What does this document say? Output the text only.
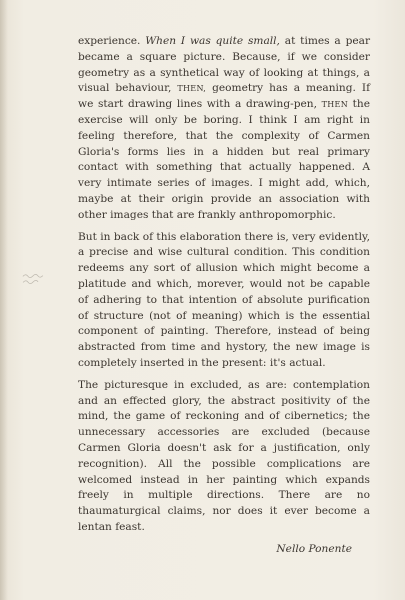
experience. When I was quite small, at times a pear became a square picture. Because, if we consider geometry as a synthetical way of looking at things, a visual behaviour, THEN, geometry has a meaning. If we start drawing lines with a drawing-pen, THEN the exercise will only be boring. I think I am right in feeling therefore, that the complexity of Carmen Gloria's forms lies in a hidden but real primary contact with something that actually happened. A very intimate series of images. I might add, which, maybe at their origin provide an association with other images that are frankly anthropomorphic.

But in back of this elaboration there is, very evidently, a precise and wise cultural condition. This condition redeems any sort of allusion which might become a platitude and which, morever, would not be capable of adhering to that intention of absolute purification of structure (not of meaning) which is the essential component of painting. Therefore, instead of being abstracted from time and hystory, the new image is completely inserted in the present: it's actual.

The picturesque in excluded, as are: contemplation and an effected glory, the abstract positivity of the mind, the game of reckoning and of cibernetics; the unnecessary accessories are excluded (because Carmen Gloria doesn't ask for a justification, only recognition). All the possible complications are welcomed instead in her painting which expands freely in multiple directions. There are no thaumaturgical claims, nor does it ever become a lentan feast.

Nello Ponente
